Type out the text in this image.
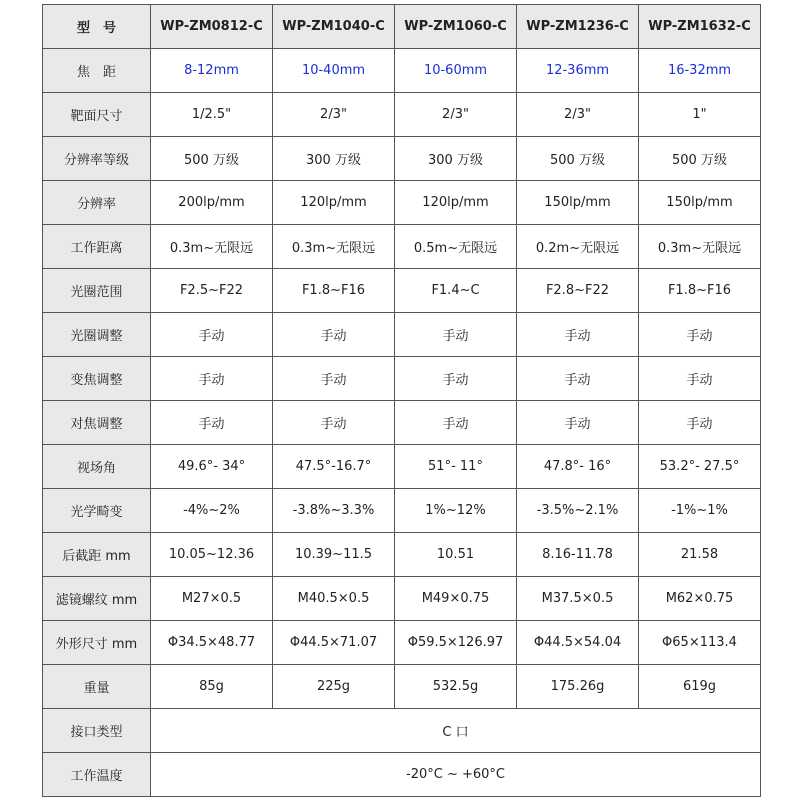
型　号	WP-ZM0812-C	WP-ZM1040-C	WP-ZM1060-C	WP-ZM1236-C	WP-ZM1632-C
焦　距	8-12mm	10-40mm	10-60mm	12-36mm	16-32mm
靶面尺寸	1/2.5"	2/3"	2/3"	2/3"	1"
分辨率等级	500 万级	300 万级	300 万级	500 万级	500 万级
分辨率	200lp/mm	120lp/mm	120lp/mm	150lp/mm	150lp/mm
工作距离	0.3m~无限远	0.3m~无限远	0.5m~无限远	0.2m~无限远	0.3m~无限远
光圈范围	F2.5~F22	F1.8~F16	F1.4~C	F2.8~F22	F1.8~F16
光圈调整	手动	手动	手动	手动	手动
变焦调整	手动	手动	手动	手动	手动
对焦调整	手动	手动	手动	手动	手动
视场角	49.6°- 34°	47.5°-16.7°	51°- 11°	47.8°- 16°	53.2°- 27.5°
光学畸变	-4%~2%	-3.8%~3.3%	1%~12%	-3.5%~2.1%	-1%~1%
后截距 mm	10.05~12.36	10.39~11.5	10.51	8.16-11.78	21.58
滤镜螺纹 mm	M27×0.5	M40.5×0.5	M49×0.75	M37.5×0.5	M62×0.75
外形尺寸 mm	Φ34.5×48.77	Φ44.5×71.07	Φ59.5×126.97	Φ44.5×54.04	Φ65×113.4
重量	85g	225g	532.5g	175.26g	619g
接口类型	C 口				
工作温度	-20°C ~ +60°C				
